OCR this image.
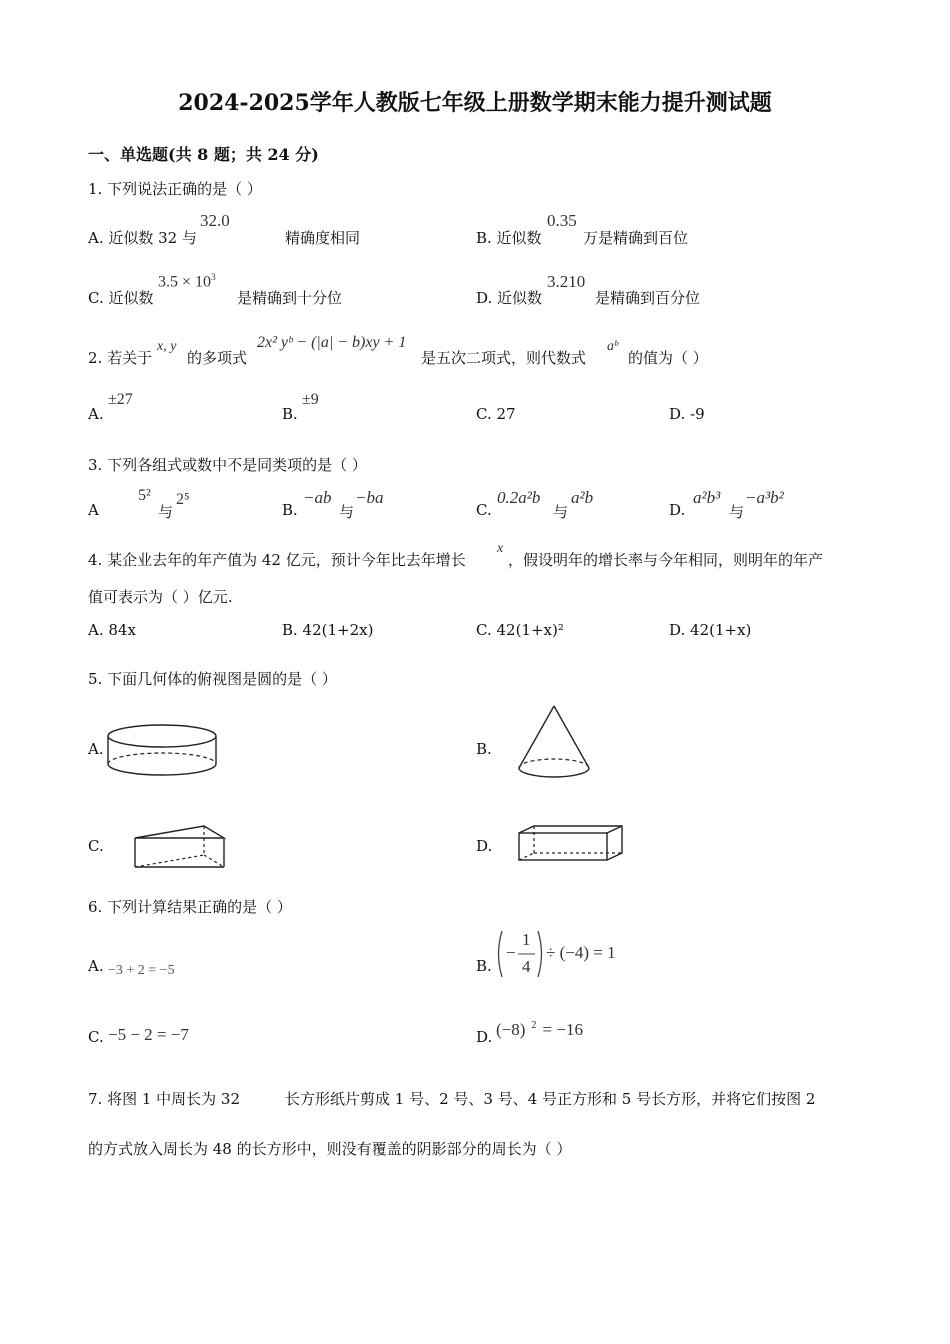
2024-2025学年人教版七年级上册数学期末能力提升测试题
一、单选题(共 8 题；共 24 分)
1. 下列说法正确的是（ ）
A. 近似数 32 与
32.0
精确度相同	B. 近似数
0.35
万是精确到百位
C. 近似数
$3.5 \times 10^3$
是精确到十分位	D. 近似数
3.210
是精确到百分位
2. 若关于
x, y
的多项式
2x² yᵇ − (|a| − b)xy + 1
是五次二项式，则代数式
aᵇ
的值为（ ）
A.
±27
B.
±9
C. 27	D. -9
3. 下列各组式或数中不是同类项的是（ ）
A
5²
与
2⁵
B.
−ab
与
−ba
C.
0.2a²b
与
a²b
D.
a²b³
与
−a³b²
4. 某企业去年的年产值为 42 亿元，预计今年比去年增长
x
，假设明年的增长率与今年相同，则明年的年产
值可表示为（ ）亿元.
A. 84x	B. 42(1+2x)	C. 42(1+x)²	D. 42(1+x)
5. 下面几何体的俯视图是圆的是（ ）
A.	B.
C.	D.
6. 下列计算结果正确的是（ ）
A. −3 + 2 = −5	B.
−
1
4
÷ (−4) = 1
C. −5 − 2 = −7	D. (−8) $^2$ = −16
7. 将图 1 中周长为 32	长方形纸片剪成 1 号、2 号、3 号、4 号正方形和 5 号长方形，并将它们按图 2
的方式放入周长为 48 的长方形中，则没有覆盖的阴影部分的周长为（ ）
